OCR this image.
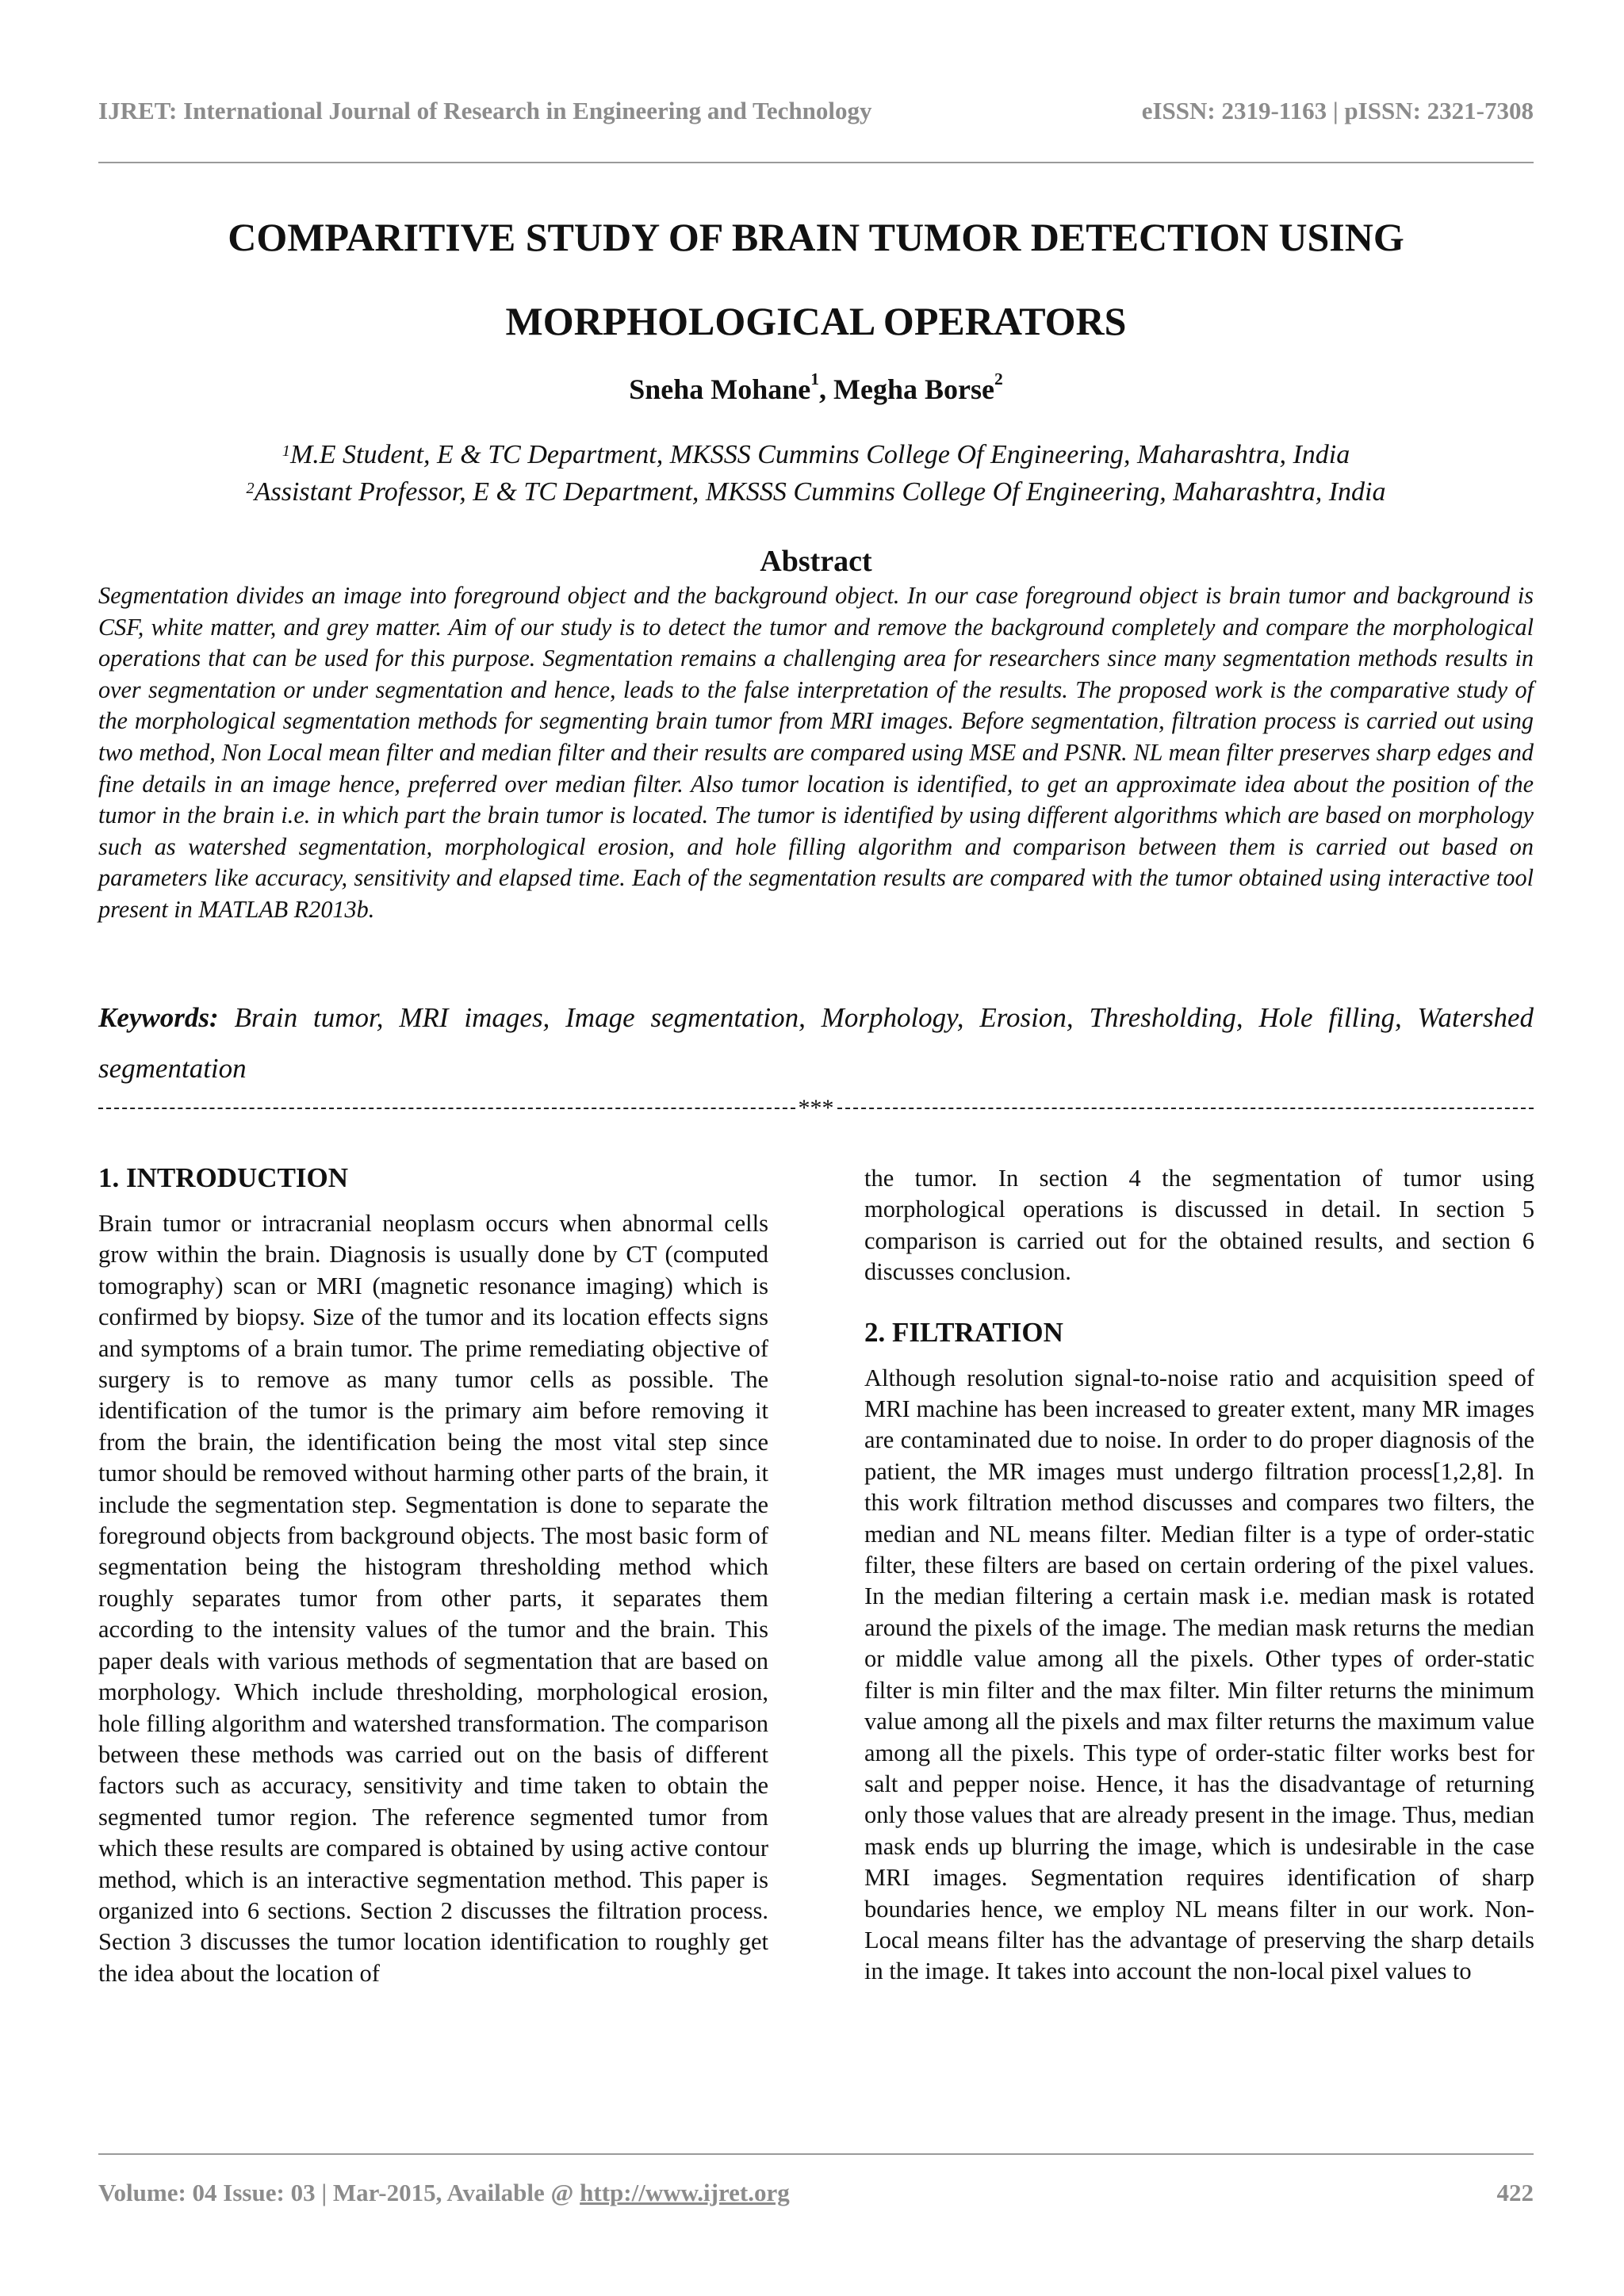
IJRET: International Journal of Research in Engineering and Technology	eISSN: 2319-1163 | pISSN: 2321-7308
COMPARITIVE STUDY OF BRAIN TUMOR DETECTION USING
MORPHOLOGICAL OPERATORS

Sneha Mohane$^1$, Megha Borse$^2$

$^1$M.E Student, E & TC Department, MKSSS Cummins College Of Engineering, Maharashtra, India
$^2$Assistant Professor, E & TC Department, MKSSS Cummins College Of Engineering, Maharashtra, India
Abstract

Segmentation divides an image into foreground object and the background object. In our case foreground object is brain tumor and background is CSF, white matter, and grey matter. Aim of our study is to detect the tumor and remove the background completely and compare the morphological operations that can be used for this purpose. Segmentation remains a challenging area for researchers since many segmentation methods results in over segmentation or under segmentation and hence, leads to the false interpretation of the results. The proposed work is the comparative study of the morphological segmentation methods for segmenting brain tumor from MRI images. Before segmentation, filtration process is carried out using two method, Non Local mean filter and median filter and their results are compared using MSE and PSNR. NL mean filter preserves sharp edges and fine details in an image hence, preferred over median filter. Also tumor location is identified, to get an approximate idea about the position of the tumor in the brain i.e. in which part the brain tumor is located. The tumor is identified by using different algorithms which are based on morphology such as watershed segmentation, morphological erosion, and hole filling algorithm and comparison between them is carried out based on parameters like accuracy, sensitivity and elapsed time. Each of the segmentation results are compared with the tumor obtained using interactive tool present in MATLAB R2013b.

Keywords: Brain tumor, MRI images, Image segmentation, Morphology, Erosion, Thresholding, Hole filling, Watershed segmentation

***
1. INTRODUCTION

Brain tumor or intracranial neoplasm occurs when abnormal cells grow within the brain. Diagnosis is usually done by CT (computed tomography) scan or MRI (magnetic resonance imaging) which is confirmed by biopsy. Size of the tumor and its location effects signs and symptoms of a brain tumor. The prime remediating objective of surgery is to remove as many tumor cells as possible. The identification of the tumor is the primary aim before removing it from the brain, the identification being the most vital step since tumor should be removed without harming other parts of the brain, it include the segmentation step. Segmentation is done to separate the foreground objects from background objects. The most basic form of segmentation being the histogram thresholding method which roughly separates tumor from other parts, it separates them according to the intensity values of the tumor and the brain. This paper deals with various methods of segmentation that are based on morphology. Which include thresholding, morphological erosion, hole filling algorithm and watershed transformation. The comparison between these methods was carried out on the basis of different factors such as accuracy, sensitivity and time taken to obtain the segmented tumor region. The reference segmented tumor from which these results are compared is obtained by using active contour method, which is an interactive segmentation method. This paper is organized into 6 sections. Section 2 discusses the filtration process. Section 3 discusses the tumor location identification to roughly get the idea about the location of

the tumor. In section 4 the segmentation of tumor using morphological operations is discussed in detail. In section 5 comparison is carried out for the obtained results, and section 6 discusses conclusion.

2. FILTRATION

Although resolution signal-to-noise ratio and acquisition speed of MRI machine has been increased to greater extent, many MR images are contaminated due to noise. In order to do proper diagnosis of the patient, the MR images must undergo filtration process[1,2,8]. In this work filtration method discusses and compares two filters, the median and NL means filter. Median filter is a type of order-static filter, these filters are based on certain ordering of the pixel values. In the median filtering a certain mask i.e. median mask is rotated around the pixels of the image. The median mask returns the median or middle value among all the pixels. Other types of order-static filter is min filter and the max filter. Min filter returns the minimum value among all the pixels and max filter returns the maximum value among all the pixels. This type of order-static filter works best for salt and pepper noise. Hence, it has the disadvantage of returning only those values that are already present in the image. Thus, median mask ends up blurring the image, which is undesirable in the case MRI images. Segmentation requires identification of sharp boundaries hence, we employ NL means filter in our work. Non-Local means filter has the advantage of preserving the sharp details in the image. It takes into account the non-local pixel values to

Volume: 04 Issue: 03 | Mar-2015, Available @ http://www.ijret.org	422
